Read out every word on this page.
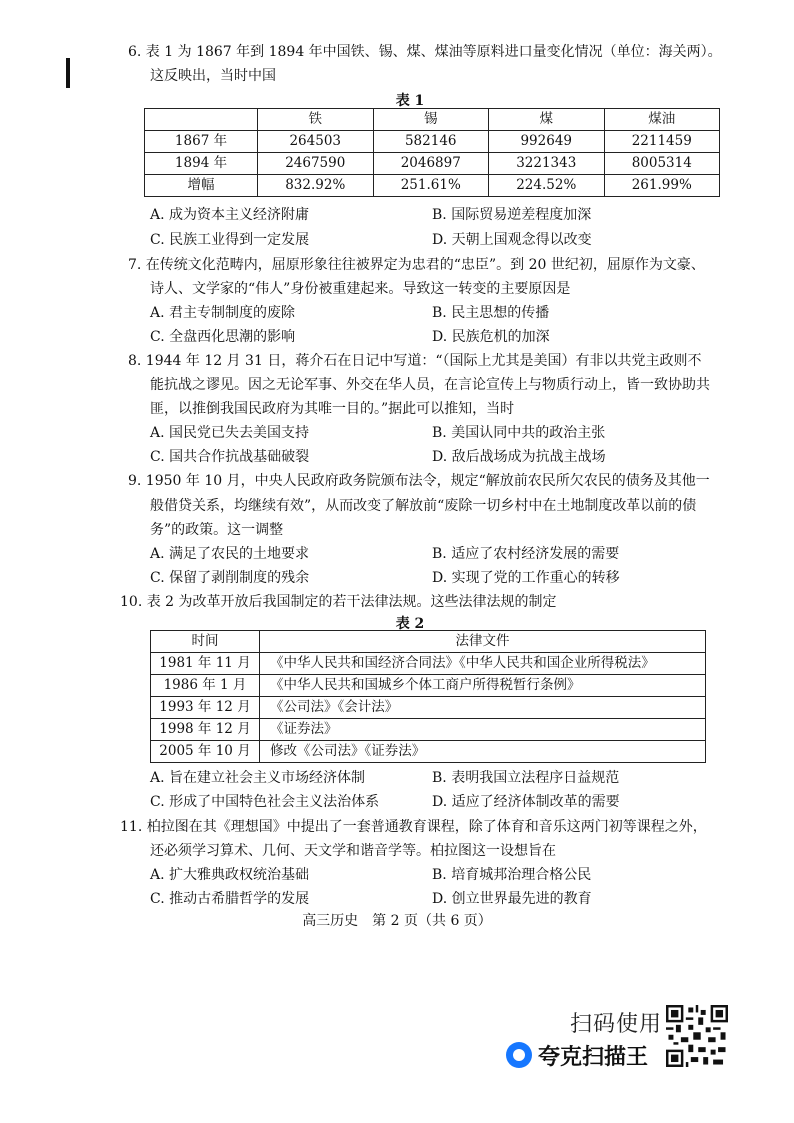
6. 表 1 为 1867 年到 1894 年中国铁、锡、煤、煤油等原料进口量变化情况（单位：海关两）。
这反映出，当时中国
表 1
	铁	锡	煤	煤油
1867 年	264503	582146	992649	2211459
1894 年	2467590	2046897	3221343	8005314
增幅	832.92%	251.61%	224.52%	261.99%
A. 成为资本主义经济附庸	B. 国际贸易逆差程度加深
C. 民族工业得到一定发展	D. 天朝上国观念得以改变
7. 在传统文化范畴内，屈原形象往往被界定为忠君的“忠臣”。到 20 世纪初，屈原作为文豪、
诗人、文学家的“伟人”身份被重建起来。导致这一转变的主要原因是
A. 君主专制制度的废除	B. 民主思想的传播
C. 全盘西化思潮的影响	D. 民族危机的加深
8. 1944 年 12 月 31 日，蒋介石在日记中写道：“（国际上尤其是美国）有非以共党主政则不
能抗战之谬见。因之无论军事、外交在华人员，在言论宣传上与物质行动上，皆一致协助共
匪，以推倒我国民政府为其唯一目的。”据此可以推知，当时
A. 国民党已失去美国支持	B. 美国认同中共的政治主张
C. 国共合作抗战基础破裂	D. 敌后战场成为抗战主战场
9. 1950 年 10 月，中央人民政府政务院颁布法令，规定“解放前农民所欠农民的债务及其他一
般借贷关系，均继续有效”，从而改变了解放前“废除一切乡村中在土地制度改革以前的债
务”的政策。这一调整
A. 满足了农民的土地要求	B. 适应了农村经济发展的需要
C. 保留了剥削制度的残余	D. 实现了党的工作重心的转移
10. 表 2 为改革开放后我国制定的若干法律法规。这些法律法规的制定
表 2
时间	法律文件
1981 年 11 月	《中华人民共和国经济合同法》《中华人民共和国企业所得税法》
1986 年 1 月	《中华人民共和国城乡个体工商户所得税暂行条例》
1993 年 12 月	《公司法》《会计法》
1998 年 12 月	《证券法》
2005 年 10 月	修改《公司法》《证券法》
A. 旨在建立社会主义市场经济体制	B. 表明我国立法程序日益规范
C. 形成了中国特色社会主义法治体系	D. 适应了经济体制改革的需要
11. 柏拉图在其《理想国》中提出了一套普通教育课程，除了体育和音乐这两门初等课程之外，
还必须学习算术、几何、天文学和谐音学等。柏拉图这一设想旨在
A. 扩大雅典政权统治基础	B. 培育城邦治理合格公民
C. 推动古希腊哲学的发展	D. 创立世界最先进的教育
高三历史　第 2 页（共 6 页）
扫码使用
夸克扫描王
